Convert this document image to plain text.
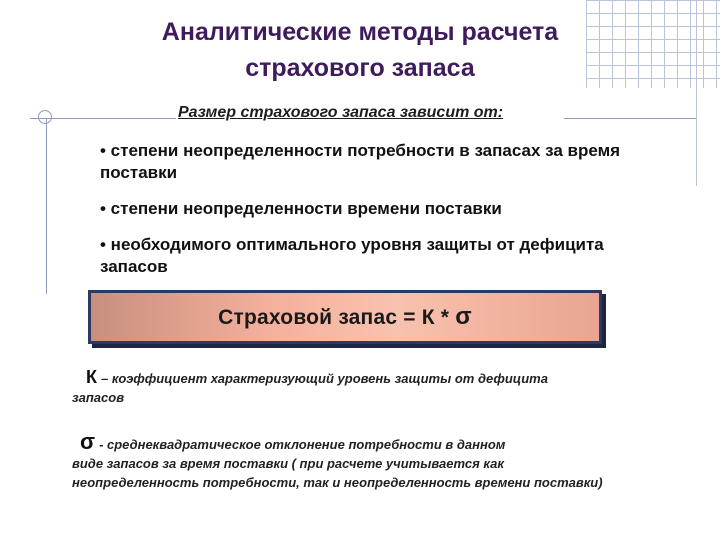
Аналитические методы расчета
страхового запаса
Размер страхового запаса зависит от:
• степени неопределенности потребности в запасах за время поставки
• степени неопределенности времени поставки
• необходимого оптимального уровня защиты от дефицита запасов
Страховой запас = К * σ
К – коэффициент характеризующий уровень защиты от дефицита
запасов
σ - среднеквадратическое отклонение потребности в данном
виде запасов за время поставки ( при расчете учитывается как неопределенность потребности, так и неопределенность времени поставки)
